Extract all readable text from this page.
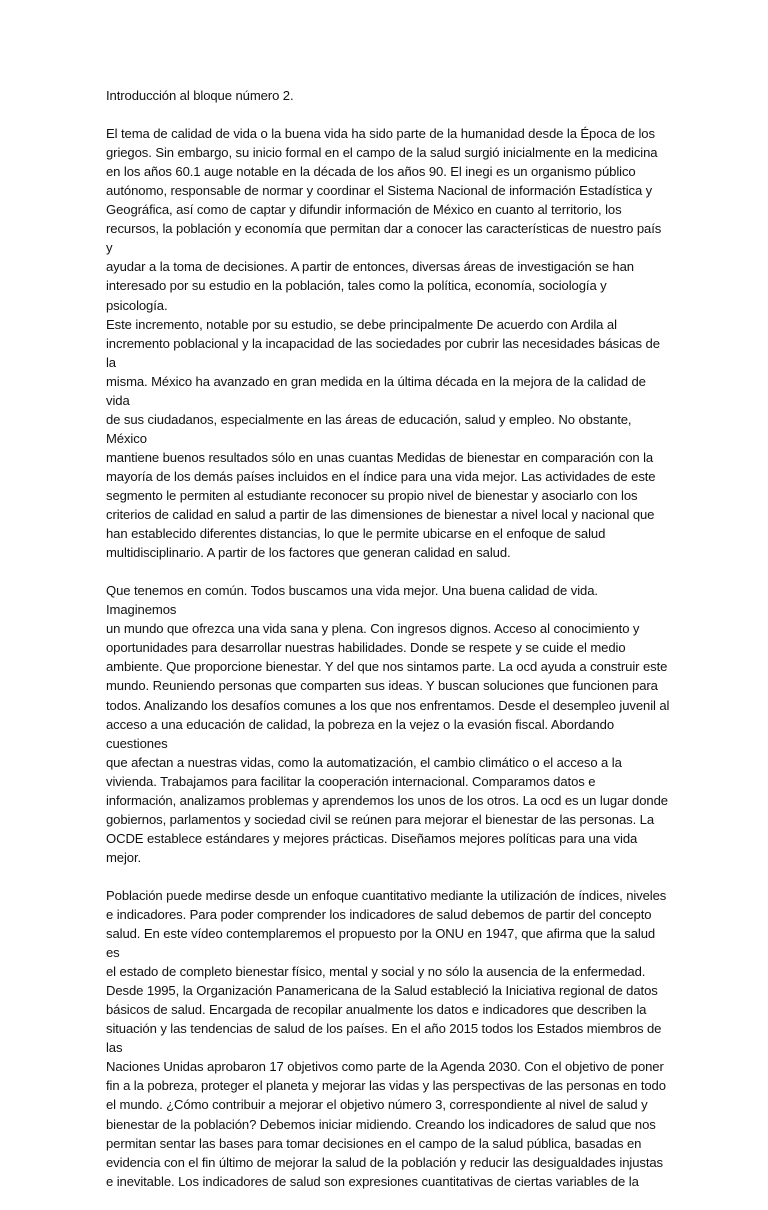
Introducción al bloque número 2.

El tema de calidad de vida o la buena vida ha sido parte de la humanidad desde la Época de los
griegos. Sin embargo, su inicio formal en el campo de la salud surgió inicialmente en la medicina
en los años 60.1 auge notable en la década de los años 90. El inegi es un organismo público
autónomo, responsable de normar y coordinar el Sistema Nacional de información Estadística y
Geográfica, así como de captar y difundir información de México en cuanto al territorio, los
recursos, la población y economía que permitan dar a conocer las características de nuestro país y
ayudar a la toma de decisiones. A partir de entonces, diversas áreas de investigación se han
interesado por su estudio en la población, tales como la política, economía, sociología y psicología.
Este incremento, notable por su estudio, se debe principalmente De acuerdo con Ardila al
incremento poblacional y la incapacidad de las sociedades por cubrir las necesidades básicas de la
misma. México ha avanzado en gran medida en la última década en la mejora de la calidad de vida
de sus ciudadanos, especialmente en las áreas de educación, salud y empleo. No obstante, México
mantiene buenos resultados sólo en unas cuantas Medidas de bienestar en comparación con la
mayoría de los demás países incluidos en el índice para una vida mejor. Las actividades de este
segmento le permiten al estudiante reconocer su propio nivel de bienestar y asociarlo con los
criterios de calidad en salud a partir de las dimensiones de bienestar a nivel local y nacional que
han establecido diferentes distancias, lo que le permite ubicarse en el enfoque de salud
multidisciplinario. A partir de los factores que generan calidad en salud.

Que tenemos en común. Todos buscamos una vida mejor. Una buena calidad de vida. Imaginemos
un mundo que ofrezca una vida sana y plena. Con ingresos dignos. Acceso al conocimiento y
oportunidades para desarrollar nuestras habilidades. Donde se respete y se cuide el medio
ambiente. Que proporcione bienestar. Y del que nos sintamos parte. La ocd ayuda a construir este
mundo. Reuniendo personas que comparten sus ideas. Y buscan soluciones que funcionen para
todos. Analizando los desafíos comunes a los que nos enfrentamos. Desde el desempleo juvenil al
acceso a una educación de calidad, la pobreza en la vejez o la evasión fiscal. Abordando cuestiones
que afectan a nuestras vidas, como la automatización, el cambio climático o el acceso a la
vivienda. Trabajamos para facilitar la cooperación internacional. Comparamos datos e
información, analizamos problemas y aprendemos los unos de los otros. La ocd es un lugar donde
gobiernos, parlamentos y sociedad civil se reúnen para mejorar el bienestar de las personas. La
OCDE establece estándares y mejores prácticas. Diseñamos mejores políticas para una vida mejor.

Población puede medirse desde un enfoque cuantitativo mediante la utilización de índices, niveles
e indicadores. Para poder comprender los indicadores de salud debemos de partir del concepto
salud. En este vídeo contemplaremos el propuesto por la ONU en 1947, que afirma que la salud es
el estado de completo bienestar físico, mental y social y no sólo la ausencia de la enfermedad.
Desde 1995, la Organización Panamericana de la Salud estableció la Iniciativa regional de datos
básicos de salud. Encargada de recopilar anualmente los datos e indicadores que describen la
situación y las tendencias de salud de los países. En el año 2015 todos los Estados miembros de las
Naciones Unidas aprobaron 17 objetivos como parte de la Agenda 2030. Con el objetivo de poner
fin a la pobreza, proteger el planeta y mejorar las vidas y las perspectivas de las personas en todo
el mundo. ¿Cómo contribuir a mejorar el objetivo número 3, correspondiente al nivel de salud y
bienestar de la población? Debemos iniciar midiendo. Creando los indicadores de salud que nos
permitan sentar las bases para tomar decisiones en el campo de la salud pública, basadas en
evidencia con el fin último de mejorar la salud de la población y reducir las desigualdades injustas
e inevitable. Los indicadores de salud son expresiones cuantitativas de ciertas variables de la
